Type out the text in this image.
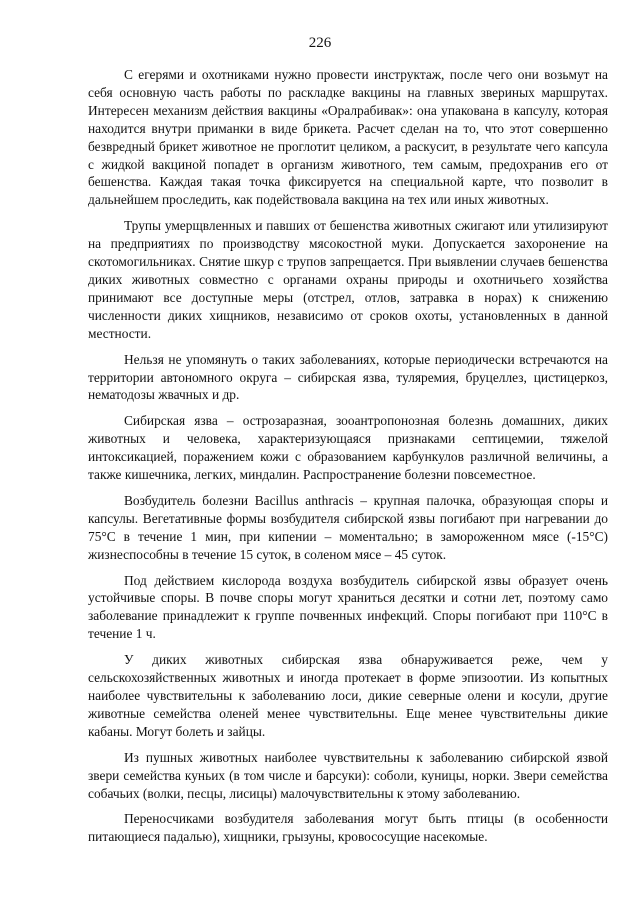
226

С егерями и охотниками нужно провести инструктаж, после чего они возьмут на себя основную часть работы по раскладке вакцины на главных звериных маршрутах. Интересен механизм действия вакцины «Оралрабивак»: она упакована в капсулу, которая находится внутри приманки в виде брикета. Расчет сделан на то, что этот совершенно безвредный брикет животное не проглотит целиком, а раскусит, в результате чего капсула с жидкой вакциной попадет в организм животного, тем самым, предохранив его от бешенства. Каждая такая точка фиксируется на специальной карте, что позволит в дальнейшем проследить, как подействовала вакцина на тех или иных животных.

Трупы умерщвленных и павших от бешенства животных сжигают или утилизируют на предприятиях по производству мясокостной муки. Допускается захоронение на скотомогильниках. Снятие шкур с трупов запрещается. При выявлении случаев бешенства диких животных совместно с органами охраны природы и охотничьего хозяйства принимают все доступные меры (отстрел, отлов, затравка в норах) к снижению численности диких хищников, независимо от сроков охоты, установленных в данной местности.

Нельзя не упомянуть о таких заболеваниях, которые периодически встречаются на территории автономного округа – сибирская язва, туляремия, бруцеллез, цистицеркоз, нематодозы жвачных и др.

Сибирская язва – острозаразная, зооантропонозная болезнь домашних, диких животных и человека, характеризующаяся признаками септицемии, тяжелой интоксикацией, поражением кожи с образованием карбункулов различной величины, а также кишечника, легких, миндалин. Распространение болезни повсеместное.

Возбудитель болезни Bacillus anthracis – крупная палочка, образующая споры и капсулы. Вегетативные формы возбудителя сибирской язвы погибают при нагревании до 75°С в течение 1 мин, при кипении – моментально; в замороженном мясе (-15°С) жизнеспособны в течение 15 суток, в соленом мясе – 45 суток.

Под действием кислорода воздуха возбудитель сибирской язвы образует очень устойчивые споры. В почве споры могут храниться десятки и сотни лет, поэтому само заболевание принадлежит к группе почвенных инфекций. Споры погибают при 110°С в течение 1 ч.

У диких животных сибирская язва обнаруживается реже, чем у сельскохозяйственных животных и иногда протекает в форме эпизоотии. Из копытных наиболее чувствительны к заболеванию лоси, дикие северные олени и косули, другие животные семейства оленей менее чувствительны. Еще менее чувствительны дикие кабаны. Могут болеть и зайцы.

Из пушных животных наиболее чувствительны к заболеванию сибирской язвой звери семейства куньих (в том числе и барсуки): соболи, куницы, норки. Звери семейства собачьих (волки, песцы, лисицы) малочувствительны к этому заболеванию.

Переносчиками возбудителя заболевания могут быть птицы (в особенности питающиеся падалью), хищники, грызуны, кровососущие насекомые.
